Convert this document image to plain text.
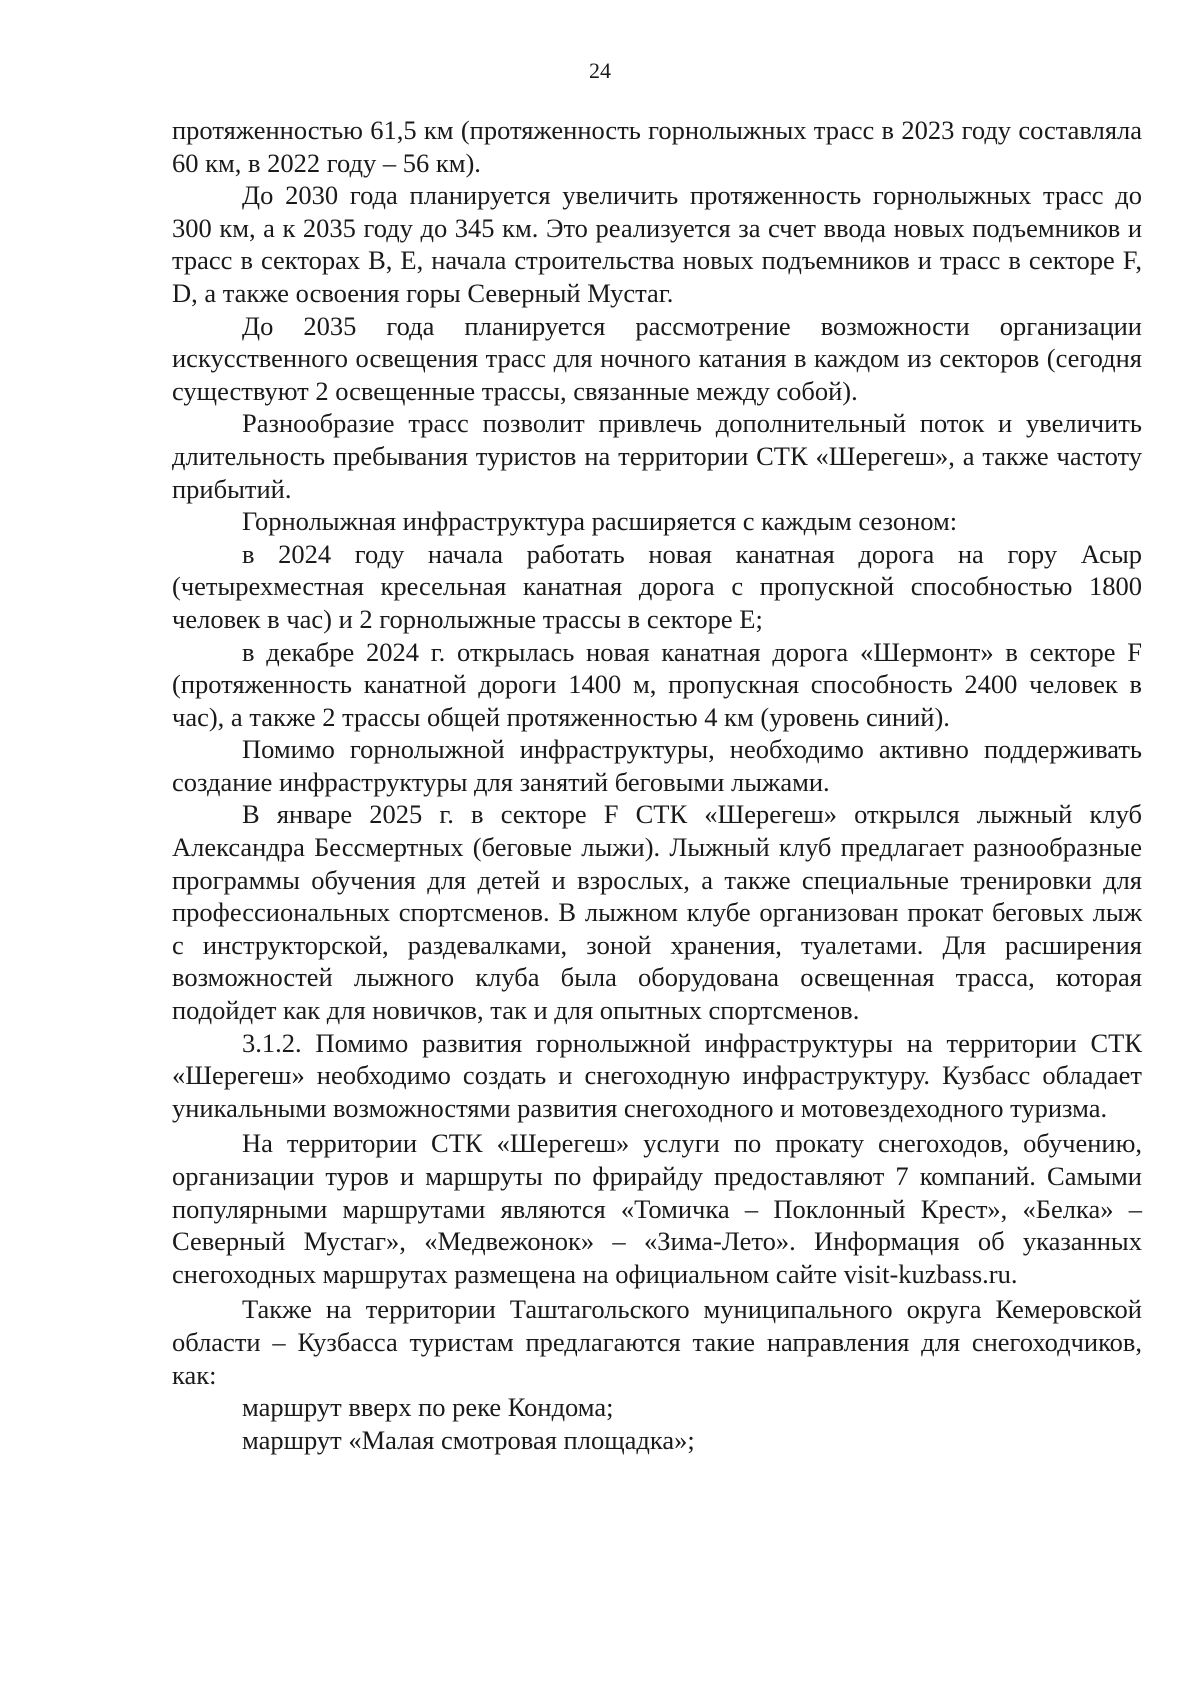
24

протяженностью 61,5 км (протяженность горнолыжных трасс в 2023 году составляла 60 км, в 2022 году – 56 км).

До 2030 года планируется увеличить протяженность горнолыжных трасс до 300 км, а к 2035 году до 345 км. Это реализуется за счет ввода новых подъемников и трасс в секторах В, Е, начала строительства новых подъемников и трасс в секторе F, D, а также освоения горы Северный Мустаг.

До 2035 года планируется рассмотрение возможности организации искусственного освещения трасс для ночного катания в каждом из секторов (сегодня существуют 2 освещенные трассы, связанные между собой).

Разнообразие трасс позволит привлечь дополнительный поток и увеличить длительность пребывания туристов на территории СТК «Шерегеш», а также частоту прибытий.

Горнолыжная инфраструктура расширяется с каждым сезоном:

в 2024 году начала работать новая канатная дорога на гору Асыр (четырехместная кресельная канатная дорога с пропускной способностью 1800 человек в час) и 2 горнолыжные трассы в секторе Е;

в декабре 2024 г. открылась новая канатная дорога «Шермонт» в секторе F (протяженность канатной дороги 1400 м, пропускная способность 2400 человек в час), а также 2 трассы общей протяженностью 4 км (уровень синий).

Помимо горнолыжной инфраструктуры, необходимо активно поддерживать создание инфраструктуры для занятий беговыми лыжами.

В январе 2025 г. в секторе F СТК «Шерегеш» открылся лыжный клуб Александра Бессмертных (беговые лыжи). Лыжный клуб предлагает разнообразные программы обучения для детей и взрослых, а также специальные тренировки для профессиональных спортсменов. В лыжном клубе организован прокат беговых лыж с инструкторской, раздевалками, зоной хранения, туалетами. Для расширения возможностей лыжного клуба была оборудована освещенная трасса, которая подойдет как для новичков, так и для опытных спортсменов.

3.1.2. Помимо развития горнолыжной инфраструктуры на территории СТК «Шерегеш» необходимо создать и снегоходную инфраструктуру. Кузбасс обладает уникальными возможностями развития снегоходного и мотовездеходного туризма.

На территории СТК «Шерегеш» услуги по прокату снегоходов, обучению, организации туров и маршруты по фрирайду предоставляют 7 компаний. Самыми популярными маршрутами являются «Томичка – Поклонный Крест», «Белка» – Северный Мустаг», «Медвежонок» – «Зима-Лето». Информация об указанных снегоходных маршрутах размещена на официальном сайте visit-kuzbass.ru.

Также на территории Таштагольского муниципального округа Кемеровской области – Кузбасса туристам предлагаются такие направления для снегоходчиков, как:

маршрут вверх по реке Кондома;

маршрут «Малая смотровая площадка»;
